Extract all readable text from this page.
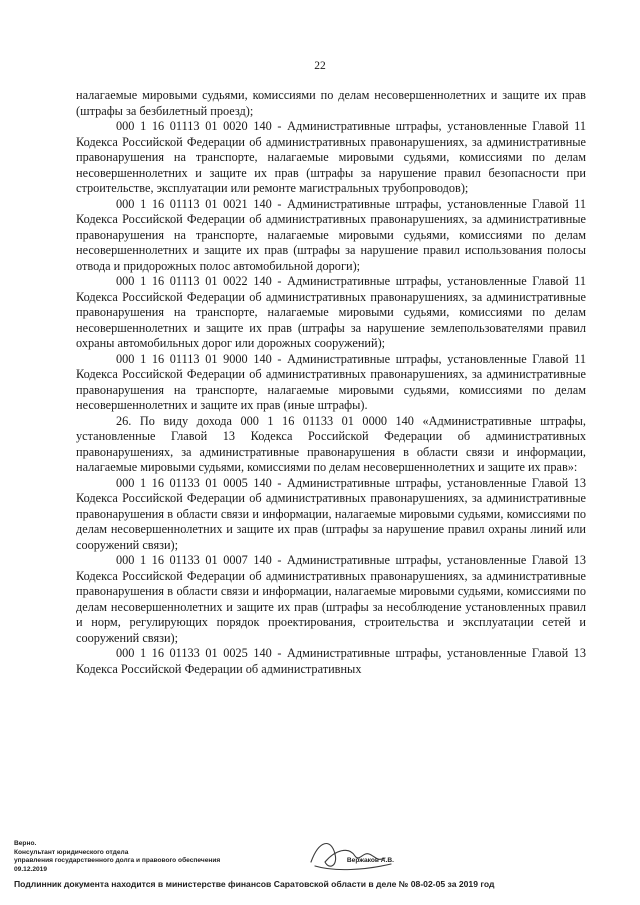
22

налагаемые мировыми судьями, комиссиями по делам несовершеннолетних и защите их прав (штрафы за безбилетный проезд);

000 1 16 01113 01 0020 140 - Административные штрафы, установленные Главой 11 Кодекса Российской Федерации об административных правонарушениях, за административные правонарушения на транспорте, налагаемые мировыми судьями, комиссиями по делам несовершеннолетних и защите их прав (штрафы за нарушение правил безопасности при строительстве, эксплуатации или ремонте магистральных трубопроводов);

000 1 16 01113 01 0021 140 - Административные штрафы, установленные Главой 11 Кодекса Российской Федерации об административных правонарушениях, за административные правонарушения на транспорте, налагаемые мировыми судьями, комиссиями по делам несовершеннолетних и защите их прав (штрафы за нарушение правил использования полосы отвода и придорожных полос автомобильной дороги);

000 1 16 01113 01 0022 140 - Административные штрафы, установленные Главой 11 Кодекса Российской Федерации об административных правонарушениях, за административные правонарушения на транспорте, налагаемые мировыми судьями, комиссиями по делам несовершеннолетних и защите их прав (штрафы за нарушение землепользователями правил охраны автомобильных дорог или дорожных сооружений);

000 1 16 01113 01 9000 140 - Административные штрафы, установленные Главой 11 Кодекса Российской Федерации об административных правонарушениях, за административные правонарушения на транспорте, налагаемые мировыми судьями, комиссиями по делам несовершеннолетних и защите их прав (иные штрафы).

26. По виду дохода 000 1 16 01133 01 0000 140 «Административные штрафы, установленные Главой 13 Кодекса Российской Федерации об административных правонарушениях, за административные правонарушения в области связи и информации, налагаемые мировыми судьями, комиссиями по делам несовершеннолетних и защите их прав»:

000 1 16 01133 01 0005 140 - Административные штрафы, установленные Главой 13 Кодекса Российской Федерации об административных правонарушениях, за административные правонарушения в области связи и информации, налагаемые мировыми судьями, комиссиями по делам несовершеннолетних и защите их прав (штрафы за нарушение правил охраны линий или сооружений связи);

000 1 16 01133 01 0007 140 - Административные штрафы, установленные Главой 13 Кодекса Российской Федерации об административных правонарушениях, за административные правонарушения в области связи и информации, налагаемые мировыми судьями, комиссиями по делам несовершеннолетних и защите их прав (штрафы за несоблюдение установленных правил и норм, регулирующих порядок проектирования, строительства и эксплуатации сетей и сооружений связи);

000 1 16 01133 01 0025 140 - Административные штрафы, установленные Главой 13 Кодекса Российской Федерации об административных

Верно.
Консультант юридического отдела
управления государственного долга и правового обеспечения	Вержаков А.В.
09.12.2019
Подлинник документа находится в министерстве финансов Саратовской области в деле № 08-02-05 за 2019 год
